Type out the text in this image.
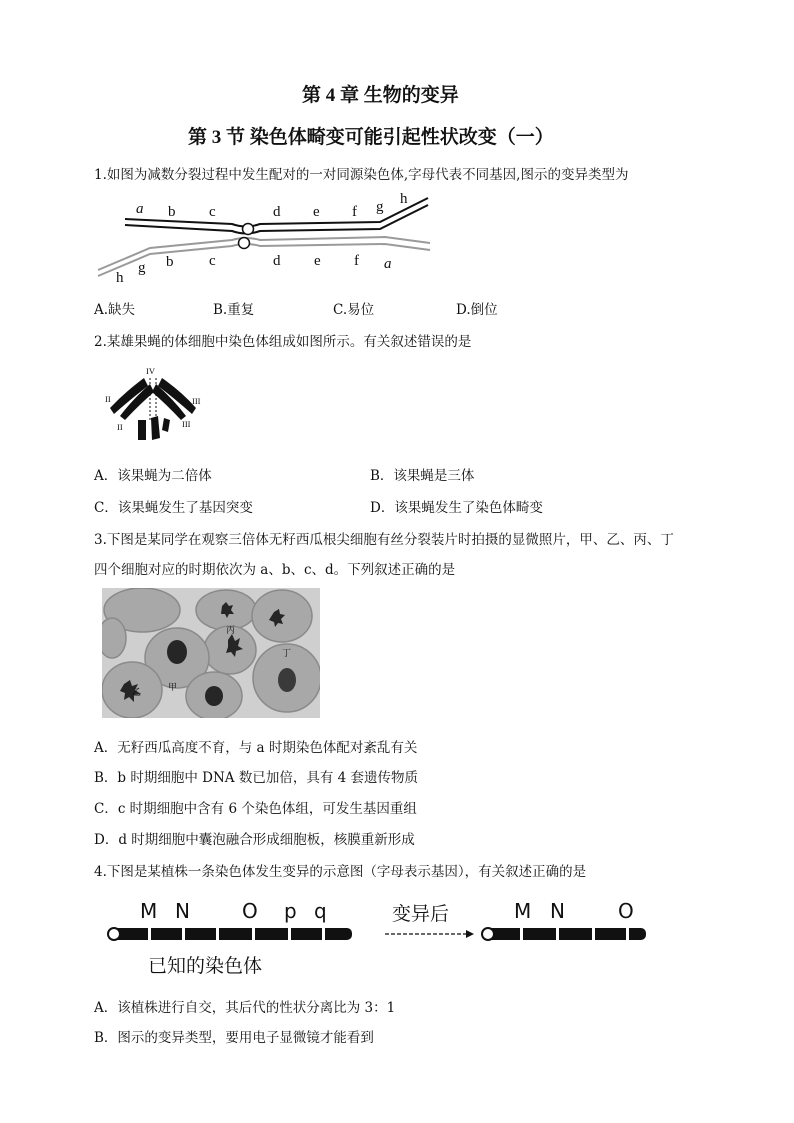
第 4 章 生物的变异
第 3 节 染色体畸变可能引起性状改变（一）
1.如图为减数分裂过程中发生配对的一对同源染色体,字母代表不同基因,图示的变异类型为
a b c	d e f g h
h
g b c	d e f a
A.缺失	B.重复	C.易位	D.倒位
2.某雄果蝇的体细胞中染色体组成如图所示。有关叙述错误的是
IV
II	III
II	III
A．该果蝇为二倍体	B．该果蝇是三体
C．该果蝇发生了基因突变	D．该果蝇发生了染色体畸变
3.下图是某同学在观察三倍体无籽西瓜根尖细胞有丝分裂装片时拍摄的显微照片，甲、乙、丙、丁
四个细胞对应的时期依次为 a、b、c、d。下列叙述正确的是
丙
丁
甲
乙
A．无籽西瓜高度不育，与 a 时期染色体配对紊乱有关
B．b 时期细胞中 DNA 数已加倍，具有 4 套遗传物质
C．c 时期细胞中含有 6 个染色体组，可发生基因重组
D．d 时期细胞中囊泡融合形成细胞板，核膜重新形成
4.下图是某植株一条染色体发生变异的示意图（字母表示基因），有关叙述正确的是
M N	O p q	变异后	M N	O
已知的染色体
A．该植株进行自交，其后代的性状分离比为 3：1
B．图示的变异类型，要用电子显微镜才能看到
